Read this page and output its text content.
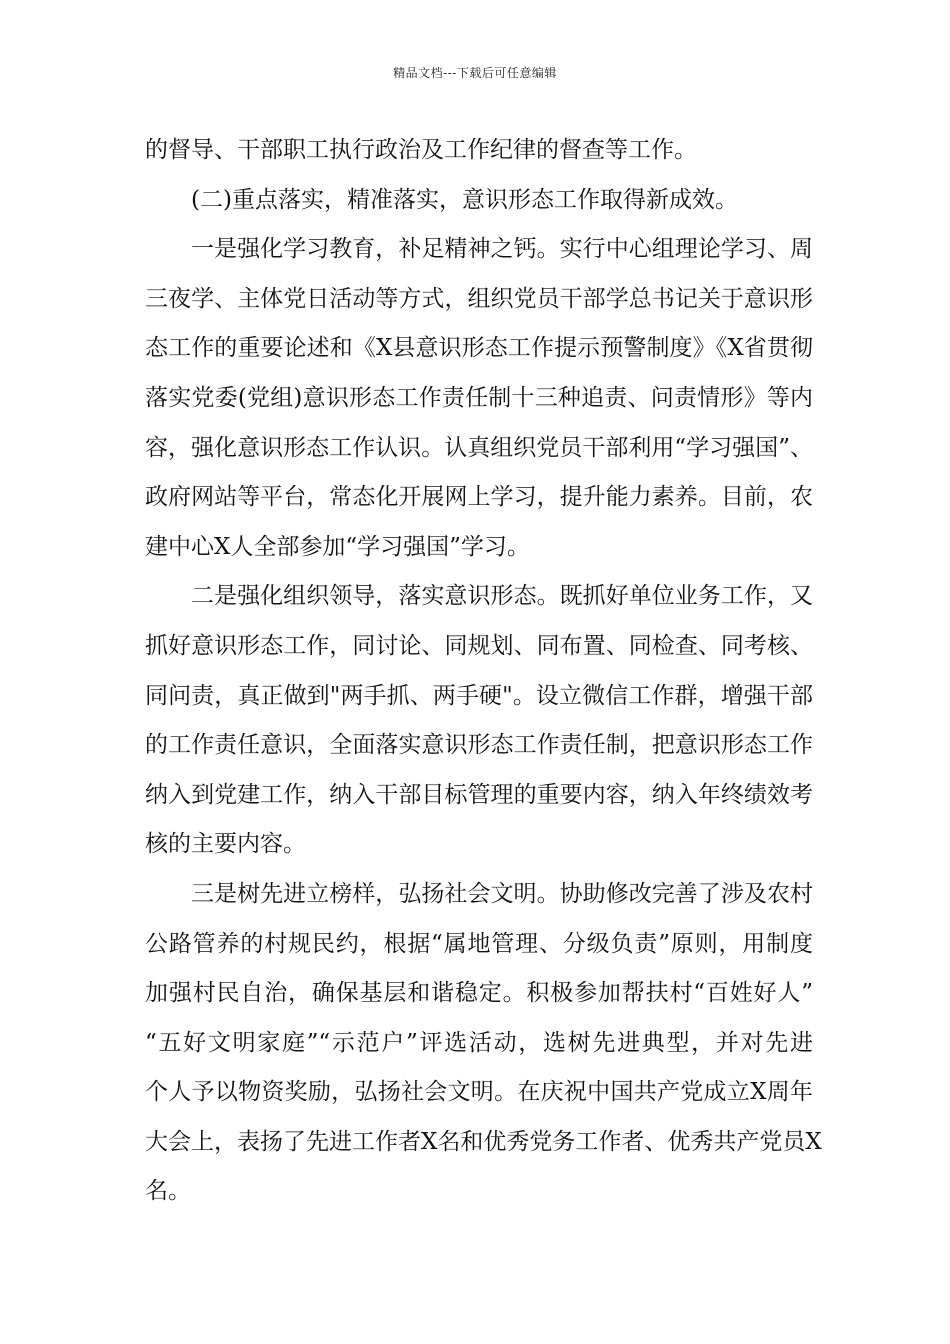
精品文档---下载后可任意编辑
的督导、干部职工执行政治及工作纪律的督查等工作。
(二)重点落实，精准落实，意识形态工作取得新成效。
一是强化学习教育，补足精神之钙。实行中心组理论学习、周
三夜学、主体党日活动等方式，组织党员干部学总书记关于意识形
态工作的重要论述和《X县意识形态工作提示预警制度》《X省贯彻
落实党委(党组)意识形态工作责任制十三种追责、问责情形》等内
容，强化意识形态工作认识。认真组织党员干部利用“学习强国”、
政府网站等平台，常态化开展网上学习，提升能力素养。目前，农
建中心X人全部参加“学习强国”学习。
二是强化组织领导，落实意识形态。既抓好单位业务工作，又
抓好意识形态工作，同讨论、同规划、同布置、同检查、同考核、
同问责，真正做到"两手抓、两手硬"。设立微信工作群，增强干部
的工作责任意识，全面落实意识形态工作责任制，把意识形态工作
纳入到党建工作，纳入干部目标管理的重要内容，纳入年终绩效考
核的主要内容。
三是树先进立榜样，弘扬社会文明。协助修改完善了涉及农村
公路管养的村规民约，根据“属地管理、分级负责”原则，用制度
加强村民自治，确保基层和谐稳定。积极参加帮扶村“百姓好人”
“五好文明家庭”“示范户”评选活动，选树先进典型，并对先进
个人予以物资奖励，弘扬社会文明。在庆祝中国共产党成立X周年
大会上，表扬了先进工作者X名和优秀党务工作者、优秀共产党员X
名。
